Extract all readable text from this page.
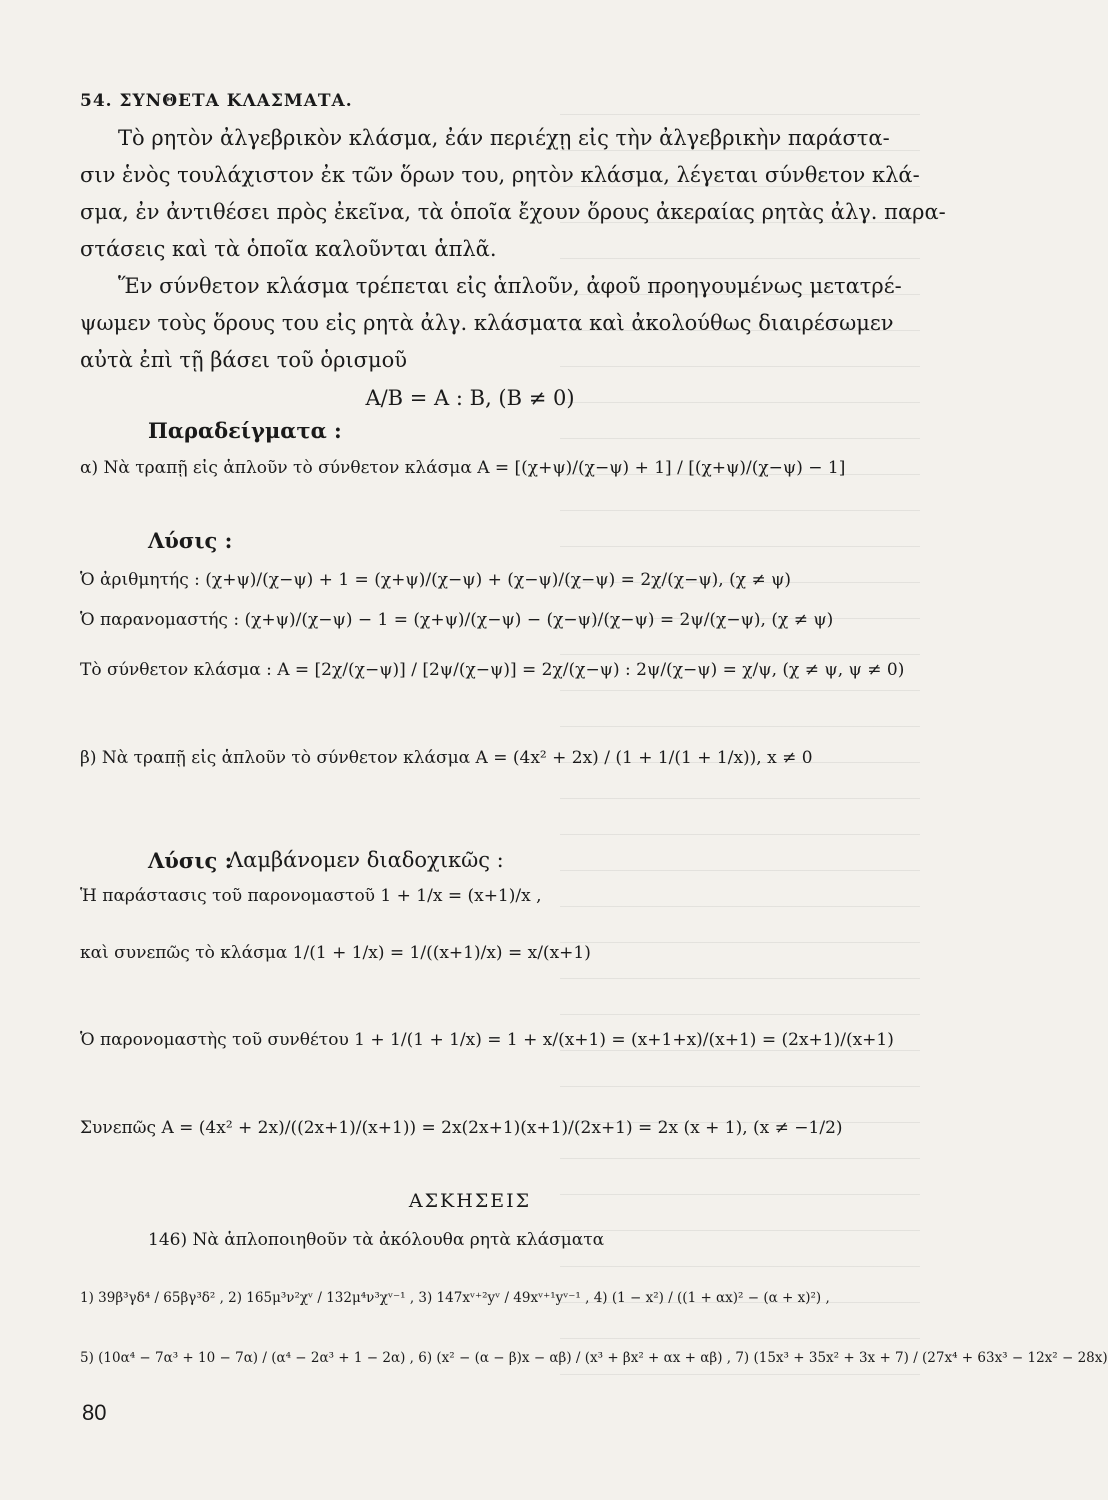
54. ΣΥΝΘΕΤΑ ΚΛΑΣΜΑΤΑ.
Τὸ ρητὸν ἀλγεβρικὸν κλάσμα, ἐάν περιέχῃ εἰς τὴν ἀλγεβρικὴν παράστα-
σιν ἑνὸς τουλάχιστον ἐκ τῶν ὅρων του, ρητὸν κλάσμα, λέγεται σύνθετον κλά-
σμα, ἐν ἀντιθέσει πρὸς ἐκεῖνα, τὰ ὁποῖα ἔχουν ὅρους ἀκεραίας ρητὰς ἀλγ. παρα-
στάσεις καὶ τὰ ὁποῖα καλοῦνται ἁπλᾶ.
Ἕν σύνθετον κλάσμα τρέπεται εἰς ἁπλοῦν, ἀφοῦ προηγουμένως μετατρέ-
ψωμεν τοὺς ὅρους του εἰς ρητὰ ἀλγ. κλάσματα καὶ ἀκολούθως διαιρέσωμεν
αὐτὰ ἐπὶ τῇ βάσει τοῦ ὁρισμοῦ
A/B = A : B, (B ≠ 0)
Παραδείγματα :
α) Νὰ τραπῇ εἰς ἁπλοῦν τὸ σύνθετον κλάσμα A = [(χ+ψ)/(χ−ψ) + 1] / [(χ+ψ)/(χ−ψ) − 1]
Λύσις :
Ὁ ἀριθμητής : (χ+ψ)/(χ−ψ) + 1 = (χ+ψ)/(χ−ψ) + (χ−ψ)/(χ−ψ) = 2χ/(χ−ψ), (χ ≠ ψ)
Ὁ παρανομαστής : (χ+ψ)/(χ−ψ) − 1 = (χ+ψ)/(χ−ψ) − (χ−ψ)/(χ−ψ) = 2ψ/(χ−ψ), (χ ≠ ψ)
Τὸ σύνθετον κλάσμα : A = [2χ/(χ−ψ)] / [2ψ/(χ−ψ)] = 2χ/(χ−ψ) : 2ψ/(χ−ψ) = χ/ψ, (χ ≠ ψ, ψ ≠ 0)
β) Νὰ τραπῇ εἰς ἁπλοῦν τὸ σύνθετον κλάσμα A = (4x² + 2x) / (1 + 1/(1 + 1/x)), x ≠ 0
Λύσις :
Λαμβάνομεν διαδοχικῶς :
Ἡ παράστασις τοῦ παρονομαστοῦ 1 + 1/x = (x+1)/x ,
καὶ συνεπῶς τὸ κλάσμα 1/(1 + 1/x) = 1/((x+1)/x) = x/(x+1)
Ὁ παρονομαστὴς τοῦ συνθέτου 1 + 1/(1 + 1/x) = 1 + x/(x+1) = (x+1+x)/(x+1) = (2x+1)/(x+1)
Συνεπῶς A = (4x² + 2x)/((2x+1)/(x+1)) = 2x(2x+1)(x+1)/(2x+1) = 2x (x + 1), (x ≠ −1/2)
ΑΣΚΗΣΕΙΣ
146) Νὰ ἁπλοποιηθοῦν τὰ ἀκόλουθα ρητὰ κλάσματα
1) 39β³γδ⁴ / 65βγ³δ² , 2) 165μ³ν²χᵛ / 132μ⁴ν³χᵛ⁻¹ , 3) 147xᵛ⁺²yᵛ / 49xᵛ⁺¹yᵛ⁻¹ , 4) (1 − x²) / ((1 + αx)² − (α + x)²) ,
5) (10α⁴ − 7α³ + 10 − 7α) / (α⁴ − 2α³ + 1 − 2α) , 6) (x² − (α − β)x − αβ) / (x³ + βx² + αx + αβ) , 7) (15x³ + 35x² + 3x + 7) / (27x⁴ + 63x³ − 12x² − 28x)
80
